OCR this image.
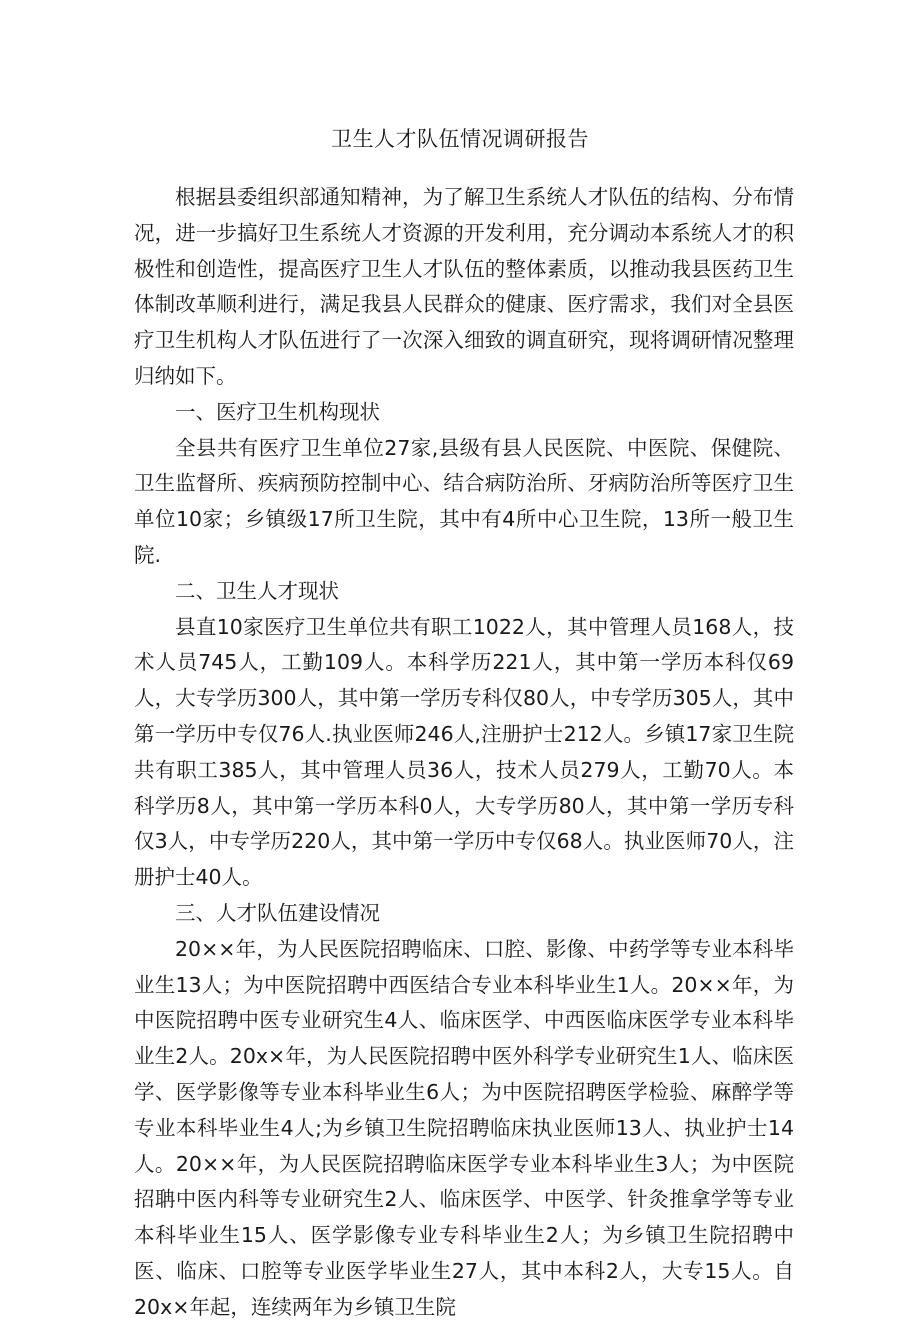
卫生人才队伍情况调研报告

根据县委组织部通知精神，为了解卫生系统人才队伍的结构、分布情况，进一步搞好卫生系统人才资源的开发利用，充分调动本系统人才的积极性和创造性，提高医疗卫生人才队伍的整体素质，以推动我县医药卫生体制改革顺利进行，满足我县人民群众的健康、医疗需求，我们对全县医疗卫生机构人才队伍进行了一次深入细致的调直研究，现将调研情况整理归纳如下。

一、医疗卫生机构现状

全县共有医疗卫生单位27家,县级有县人民医院、中医院、保健院、卫生监督所、疾病预防控制中心、结合病防治所、牙病防治所等医疗卫生单位10家；乡镇级17所卫生院，其中有4所中心卫生院，13所一般卫生院.

二、卫生人才现状

县直10家医疗卫生单位共有职工1022人，其中管理人员168人，技术人员745人，工勤109人。本科学历221人，其中第一学历本科仅69人，大专学历300人，其中第一学历专科仅80人，中专学历305人，其中第一学历中专仅76人.执业医师246人,注册护士212人。乡镇17家卫生院共有职工385人，其中管理人员36人，技术人员279人，工勤70人。本科学历8人，其中第一学历本科0人，大专学历80人，其中第一学历专科仅3人，中专学历220人，其中第一学历中专仅68人。执业医师70人，注册护士40人。

三、人才队伍建设情况

20××年，为人民医院招聘临床、口腔、影像、中药学等专业本科毕业生13人；为中医院招聘中西医结合专业本科毕业生1人。20××年，为中医院招聘中医专业研究生4人、临床医学、中西医临床医学专业本科毕业生2人。20x×年，为人民医院招聘中医外科学专业研究生1人、临床医学、医学影像等专业本科毕业生6人；为中医院招聘医学检验、麻醉学等专业本科毕业生4人;为乡镇卫生院招聘临床执业医师13人、执业护士14人。20××年，为人民医院招聘临床医学专业本科毕业生3人；为中医院招聃中医内科等专业研究生2人、临床医学、中医学、针灸推拿学等专业本科毕业生15人、医学影像专业专科毕业生2人；为乡镇卫生院招聘中医、临床、口腔等专业医学毕业生27人，其中本科2人，大专15人。自20x×年起，连续两年为乡镇卫生院
